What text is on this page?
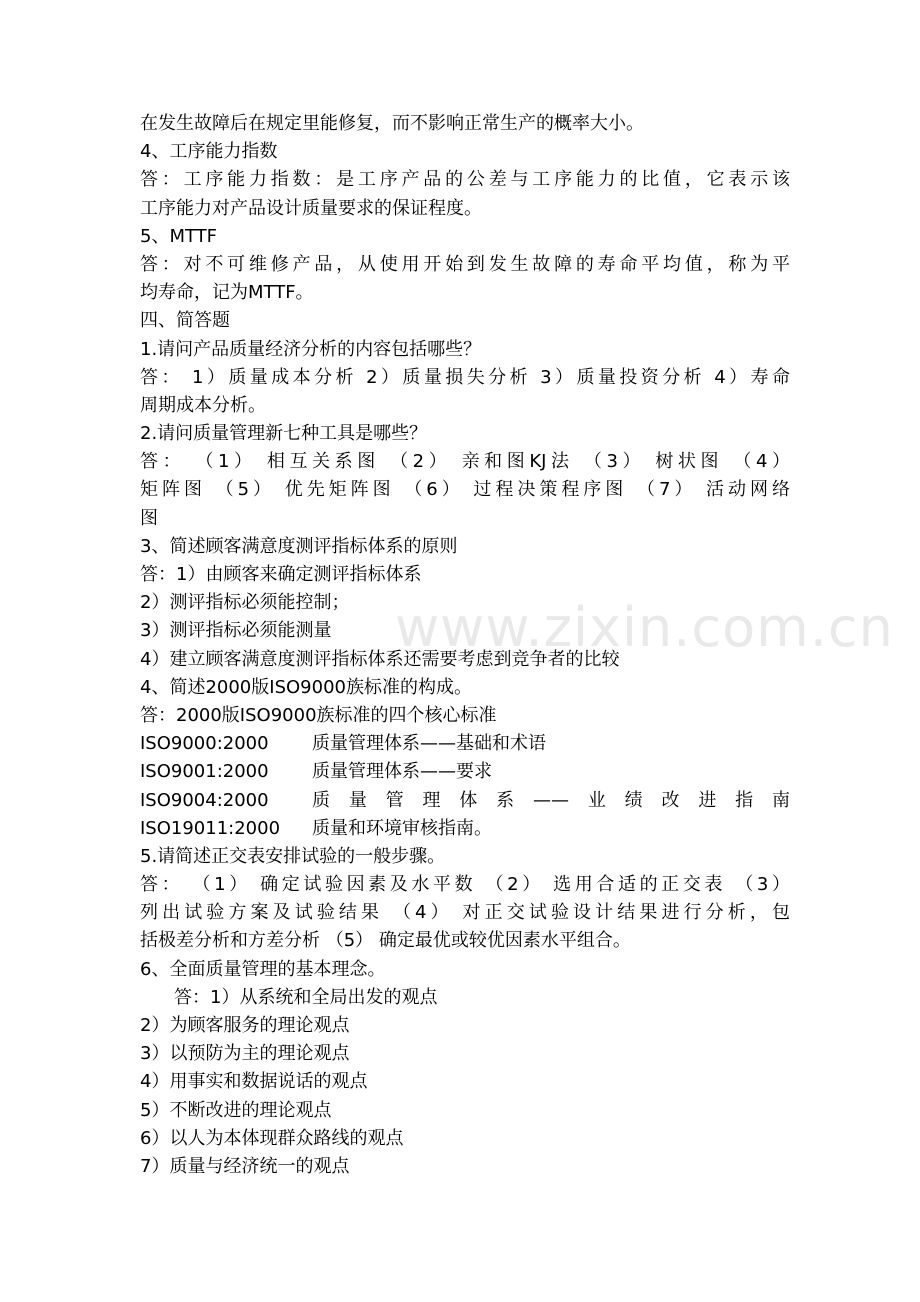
www.zixin.com.cn
在发生故障后在规定里能修复，而不影响正常生产的概率大小。
4、工序能力指数
答：工序能力指数：是工序产品的公差与工序能力的比值，它表示该
工序能力对产品设计质量要求的保证程度。
5、MTTF
答：对不可维修产品，从使用开始到发生故障的寿命平均值，称为平
均寿命，记为MTTF。
四、简答题
1.请问产品质量经济分析的内容包括哪些？
答： 1）质量成本分析 2）质量损失分析 3）质量投资分析 4）寿命
周期成本分析。
2.请问质量管理新七种工具是哪些？
答： （1） 相互关系图 （2） 亲和图KJ法 （3） 树状图 （4）
矩阵图 （5） 优先矩阵图 （6） 过程决策程序图 （7） 活动网络
图
3、简述顾客满意度测评指标体系的原则
答：1）由顾客来确定测评指标体系
2）测评指标必须能控制；
3）测评指标必须能测量
4）建立顾客满意度测评指标体系还需要考虑到竞争者的比较
4、简述2000版ISO9000族标准的构成。
答：2000版ISO9000族标准的四个核心标准
ISO9000:2000	质量管理体系——基础和术语
ISO9001:2000	质量管理体系——要求
ISO9004:2000	质量管理体系——业绩改进指南
ISO19011:2000	质量和环境审核指南。
5.请简述正交表安排试验的一般步骤。
答： （1） 确定试验因素及水平数 （2） 选用合适的正交表 （3）
列出试验方案及试验结果 （4） 对正交试验设计结果进行分析，包
括极差分析和方差分析 （5） 确定最优或较优因素水平组合。
6、全面质量管理的基本理念。
答：1）从系统和全局出发的观点
2）为顾客服务的理论观点
3）以预防为主的理论观点
4）用事实和数据说话的观点
5）不断改进的理论观点
6）以人为本体现群众路线的观点
7）质量与经济统一的观点
